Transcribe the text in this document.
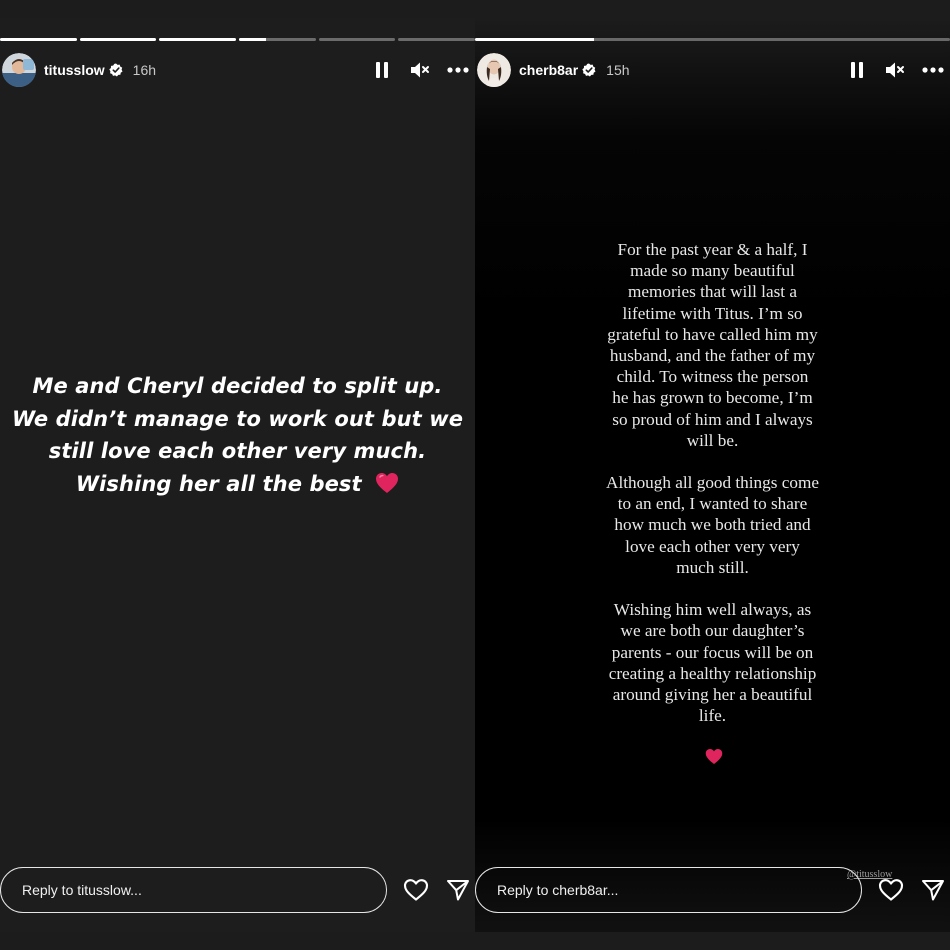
titusslow 16h
Me and Cheryl decided to split up.
We didn’t manage to work out but we
still love each other very much.
Wishing her all the best
Reply to titusslow...
cherb8ar 15h
For the past year & a half, I
made so many beautiful
memories that will last a
lifetime with Titus. I’m so
grateful to have called him my
husband, and the father of my
child. To witness the person
he has grown to become, I’m
so proud of him and I always
will be.
Although all good things come
to an end, I wanted to share
how much we both tried and
love each other very very
much still.
Wishing him well always, as
we are both our daughter’s
parents - our focus will be on
creating a healthy relationship
around giving her a beautiful
life.
@titusslow
Reply to cherb8ar...
